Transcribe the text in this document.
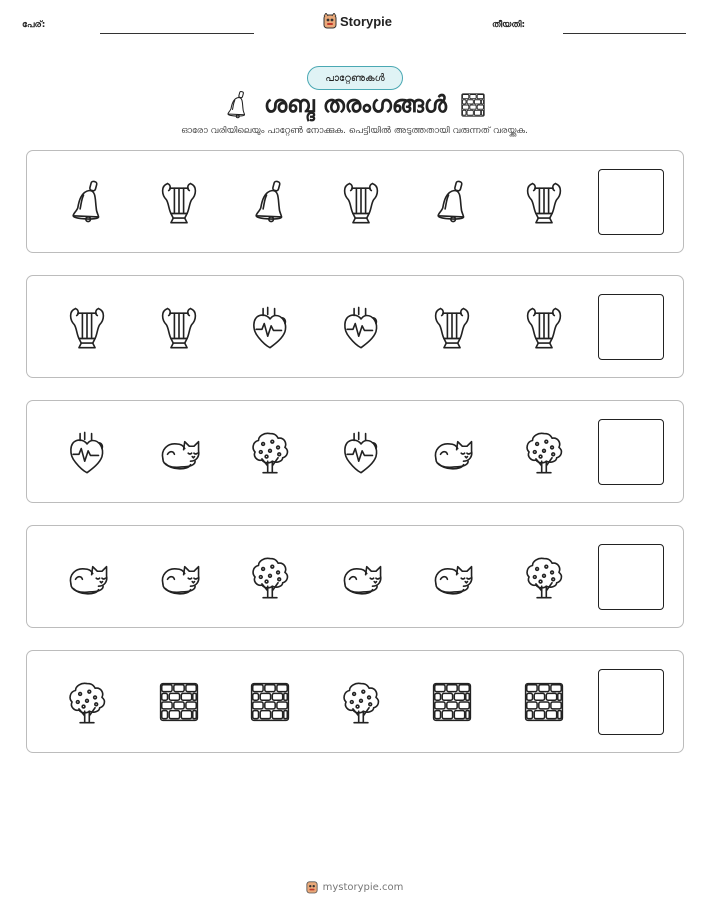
പേര്:	Storypie	തീയതി:
പാറ്റേണുകൾ
ശബ്ദ തരംഗങ്ങൾ
ഓരോ വരിയിലെയും പാറ്റേൺ നോക്കുക. പെട്ടിയിൽ അടുത്തതായി വരുന്നത് വരയ്ക്കുക.
mystorypie.com
